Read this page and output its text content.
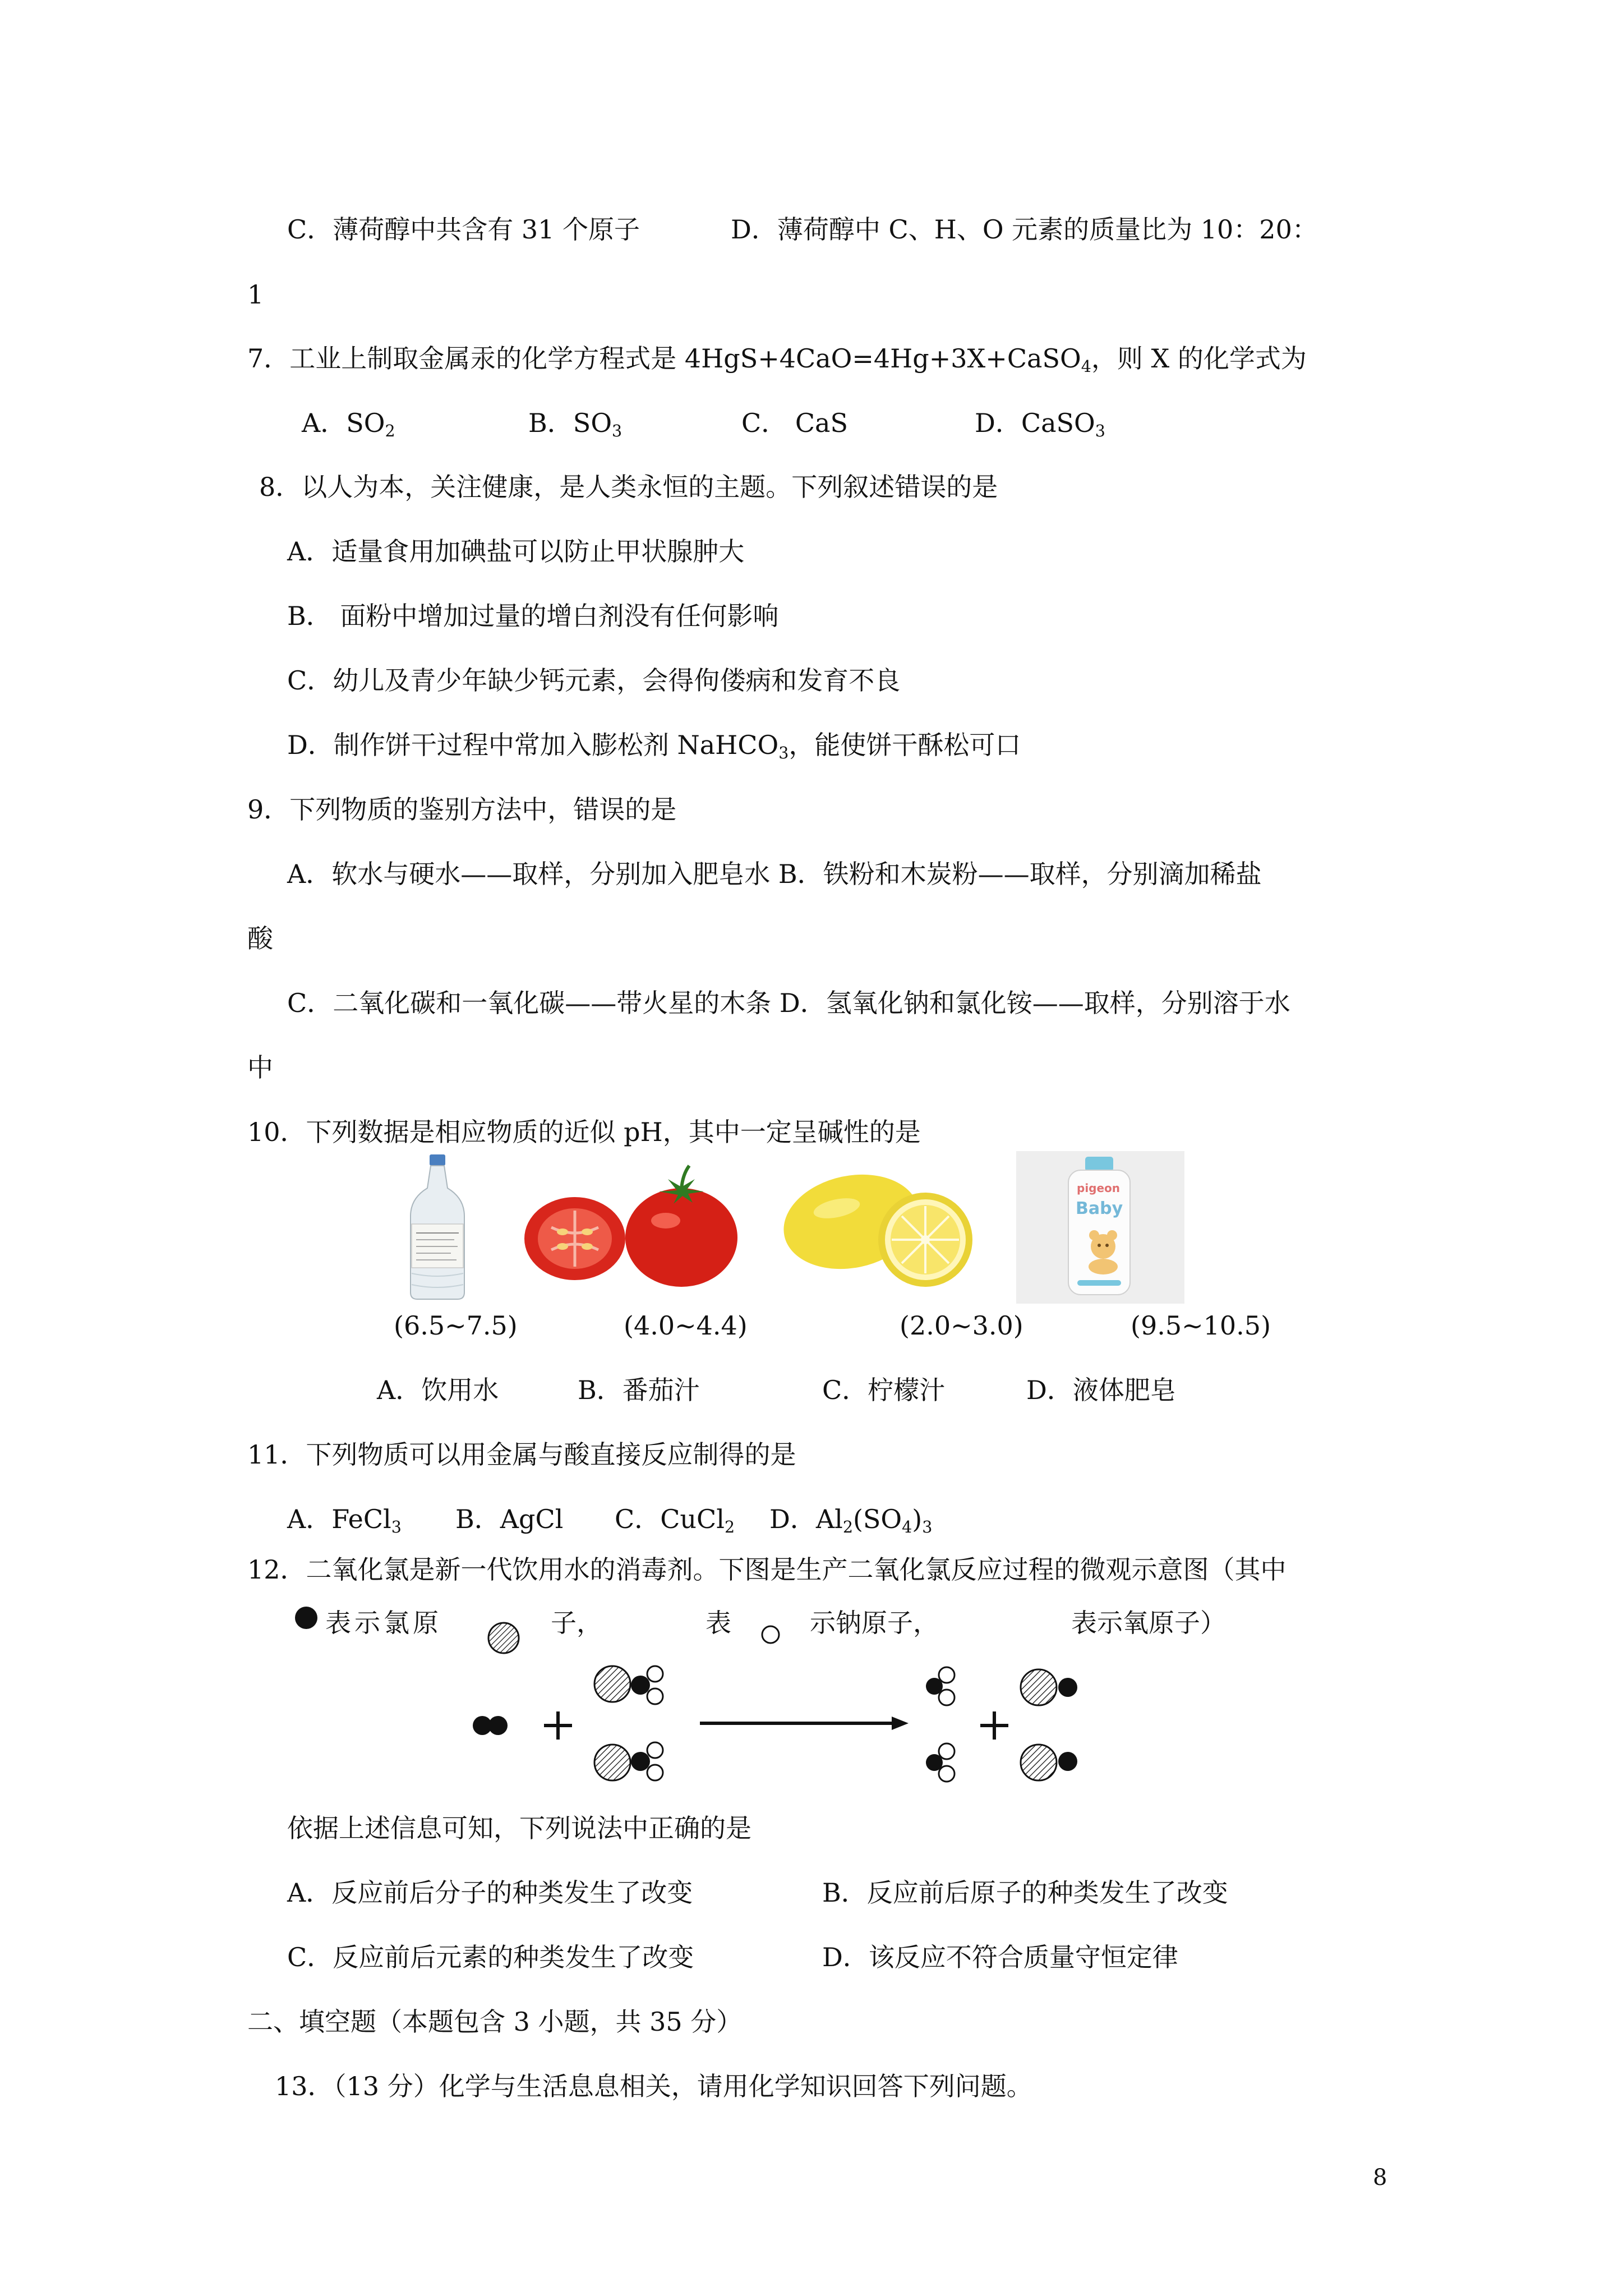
C．薄荷醇中共含有 31 个原子	D．薄荷醇中 C、H、O 元素的质量比为 10：20：
1
7．工业上制取金属汞的化学方程式是 4HgS+4CaO=4Hg+3X+CaSO$_4$，则 X 的化学式为
A．$SO_2$	B．$SO_3$	C． CaS	D．CaSO$_3$
8．以人为本，关注健康，是人类永恒的主题。下列叙述错误的是
A．适量食用加碘盐可以防止甲状腺肿大
B． 面粉中增加过量的增白剂没有任何影响
C．幼儿及青少年缺少钙元素，会得佝偻病和发育不良
D．制作饼干过程中常加入膨松剂 NaHCO$_3$，能使饼干酥松可口
9．下列物质的鉴别方法中，错误的是
A．软水与硬水——取样，分别加入肥皂水 B．铁粉和木炭粉——取样，分别滴加稀盐
酸
C．二氧化碳和一氧化碳——带火星的木条 D．氢氧化钠和氯化铵——取样，分别溶于水
中
10．下列数据是相应物质的近似 pH，其中一定呈碱性的是
pigeon
Baby
(6.5~7.5)	(4.0~4.4)	(2.0~3.0)	(9.5~10.5)
A．饮用水	B．番茄汁	C．柠檬汁	D．液体肥皂
11．下列物质可以用金属与酸直接反应制得的是
A．FeCl$_3$ B．AgCl C．CuCl$_2$ D．$Al_2(SO_4)_3$
12．二氧化氯是新一代饮用水的消毒剂。下图是生产二氧化氯反应过程的微观示意图（其中
表示氯原	子，	表	示钠原子，	表示氧原子）
依据上述信息可知，下列说法中正确的是
A．反应前后分子的种类发生了改变	B．反应前后原子的种类发生了改变
C．反应前后元素的种类发生了改变	D．该反应不符合质量守恒定律
二、填空题（本题包含 3 小题，共 35 分）
13．（13 分）化学与生活息息相关，请用化学知识回答下列问题。
8
